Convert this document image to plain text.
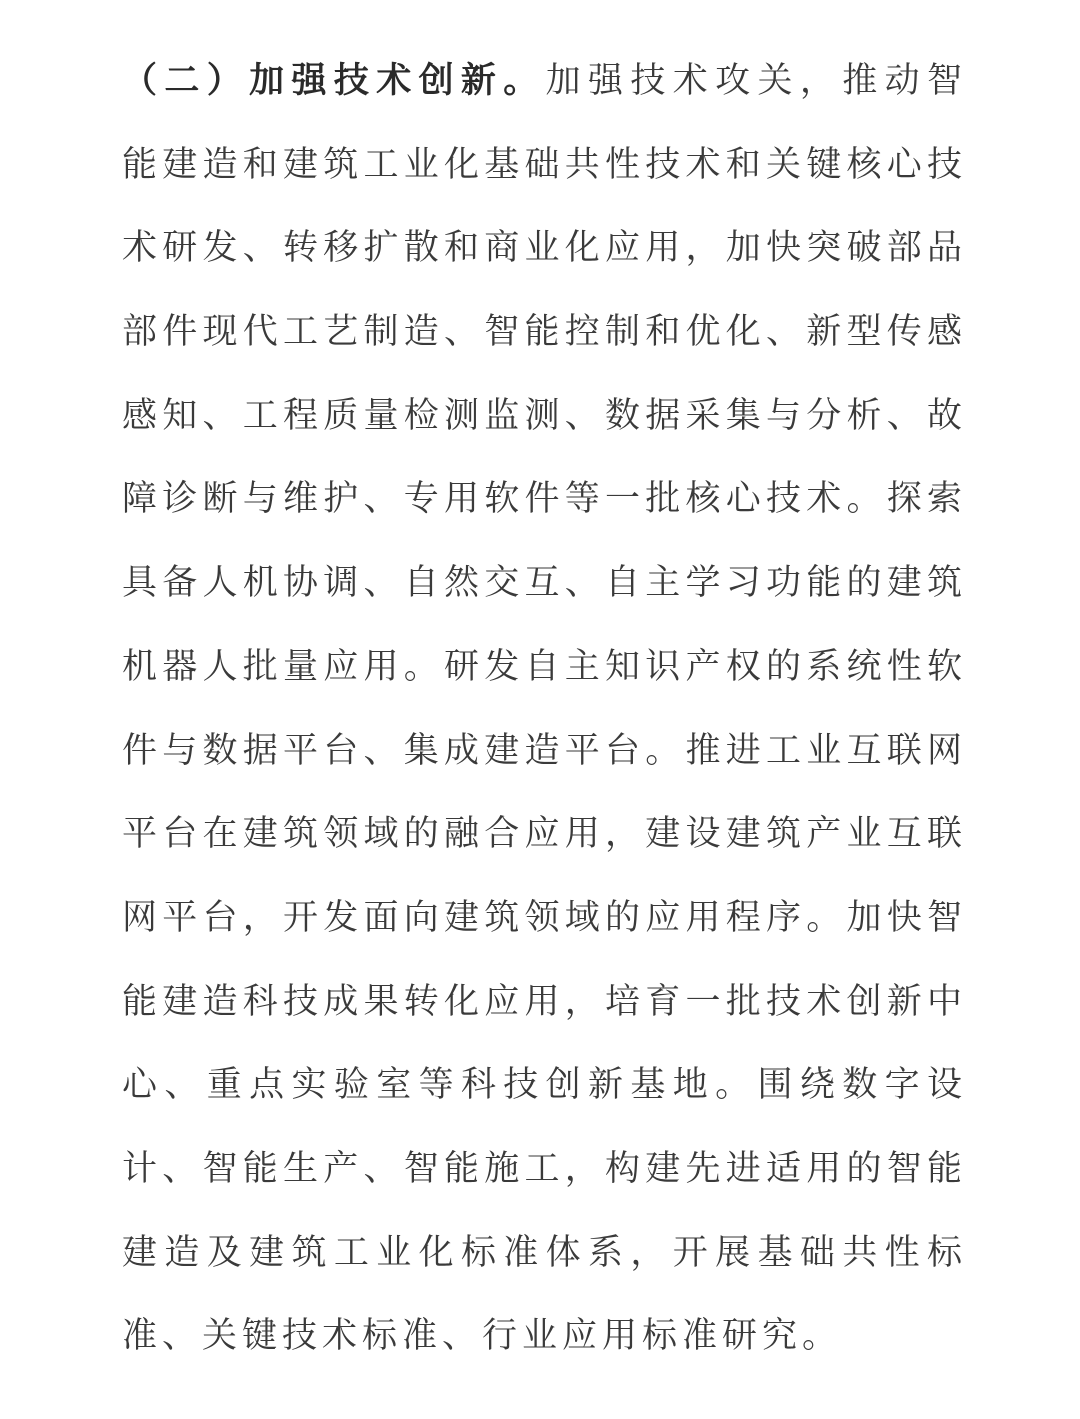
（二）加强技术创新。加强技术攻关，推动智
能建造和建筑工业化基础共性技术和关键核心技
术研发、转移扩散和商业化应用，加快突破部品
部件现代工艺制造、智能控制和优化、新型传感
感知、工程质量检测监测、数据采集与分析、故
障诊断与维护、专用软件等一批核心技术。探索
具备人机协调、自然交互、自主学习功能的建筑
机器人批量应用。研发自主知识产权的系统性软
件与数据平台、集成建造平台。推进工业互联网
平台在建筑领域的融合应用，建设建筑产业互联
网平台，开发面向建筑领域的应用程序。加快智
能建造科技成果转化应用，培育一批技术创新中
心、重点实验室等科技创新基地。围绕数字设
计、智能生产、智能施工，构建先进适用的智能
建造及建筑工业化标准体系，开展基础共性标
准、关键技术标准、行业应用标准研究。
